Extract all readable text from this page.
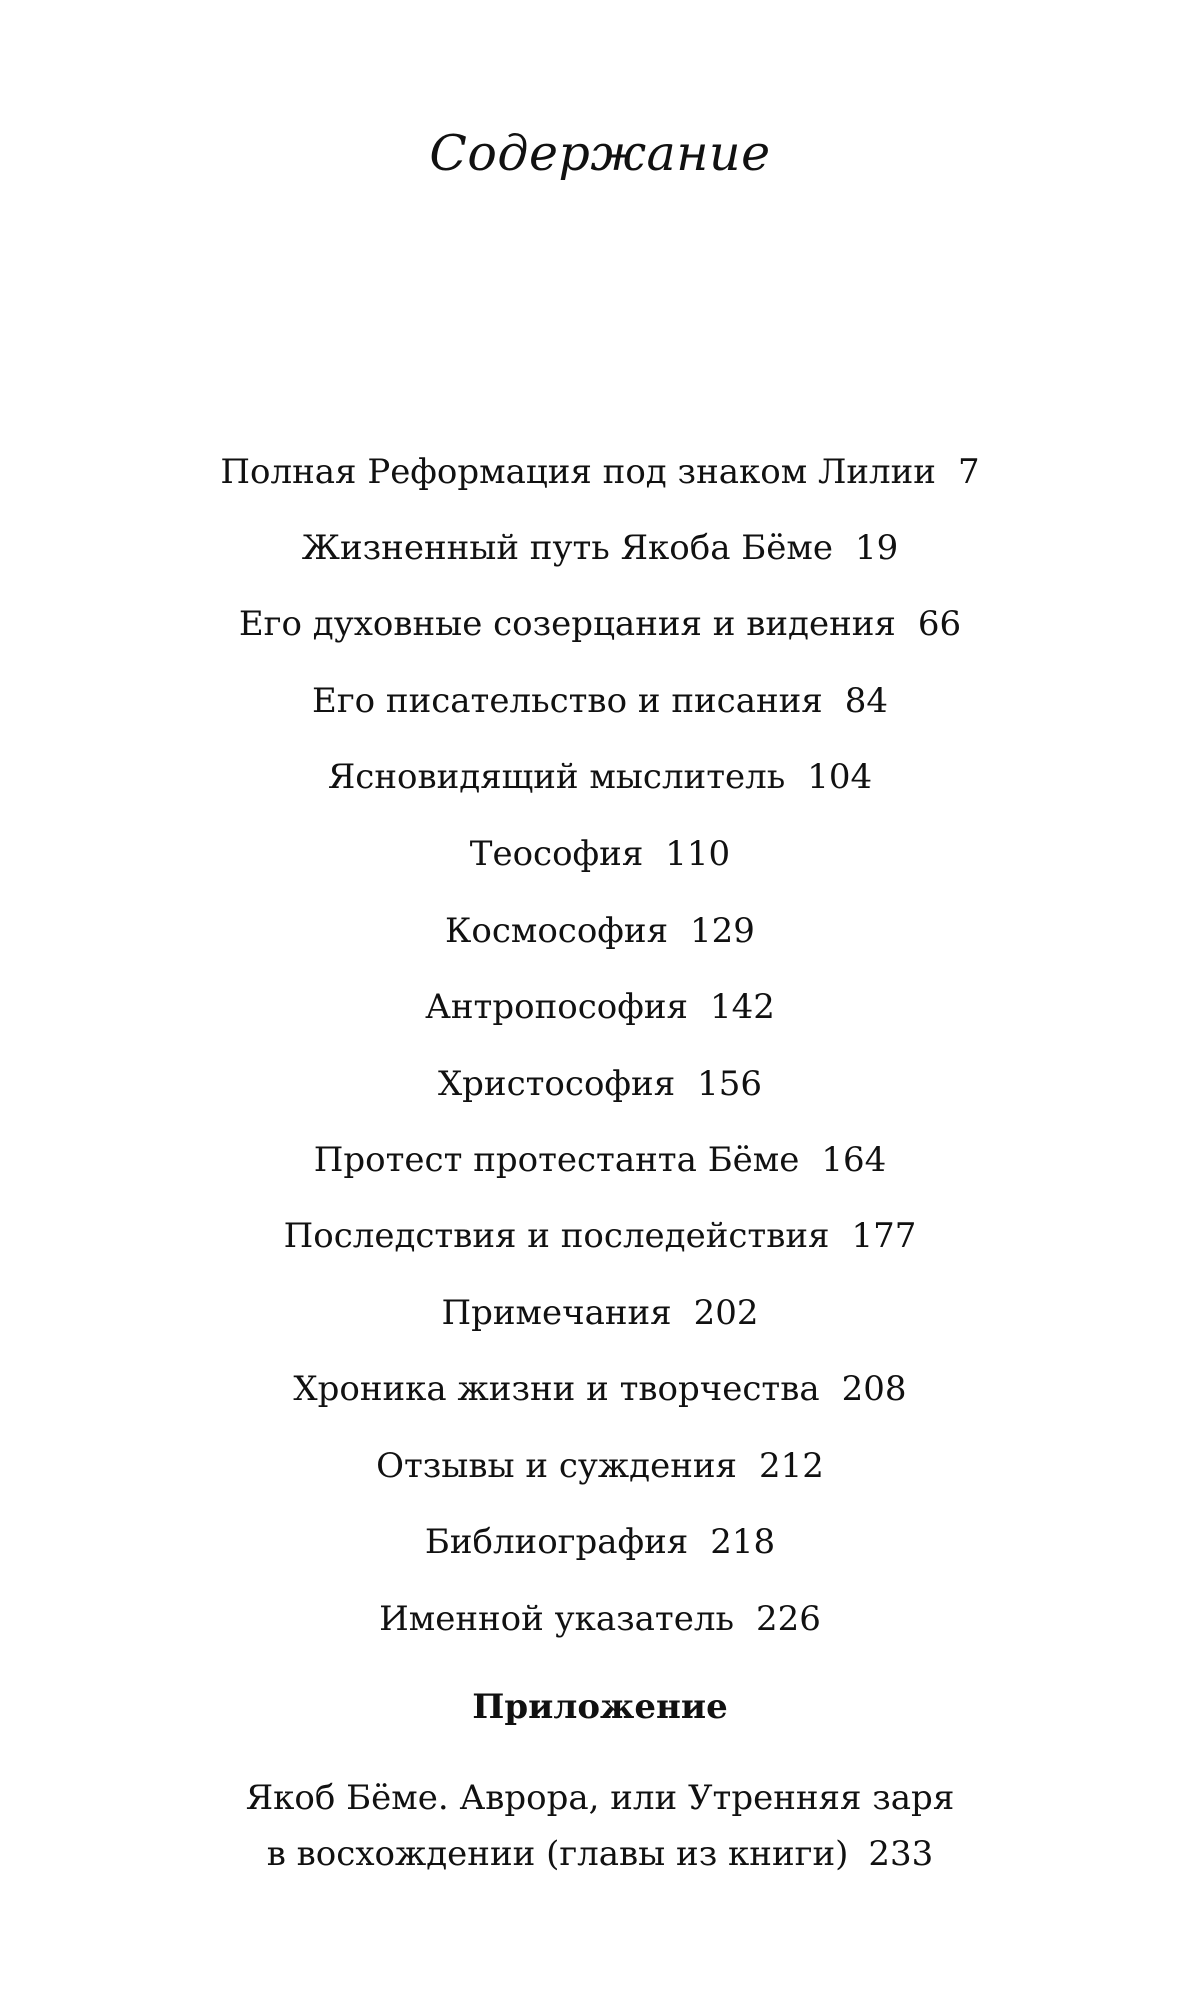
Содержание
Полная Реформация под знаком Лилии 7
Жизненный путь Якоба Бёме 19
Его духовные созерцания и видения 66
Его писательство и писания 84
Ясновидящий мыслитель 104
Теософия 110
Космософия 129
Антропософия 142
Христософия 156
Протест протестанта Бёме 164
Последствия и последействия 177
Примечания 202
Хроника жизни и творчества 208
Отзывы и суждения 212
Библиография 218
Именной указатель 226
Приложение
Якоб Бёме. Аврора, или Утренняя заря
в восхождении (главы из книги) 233
